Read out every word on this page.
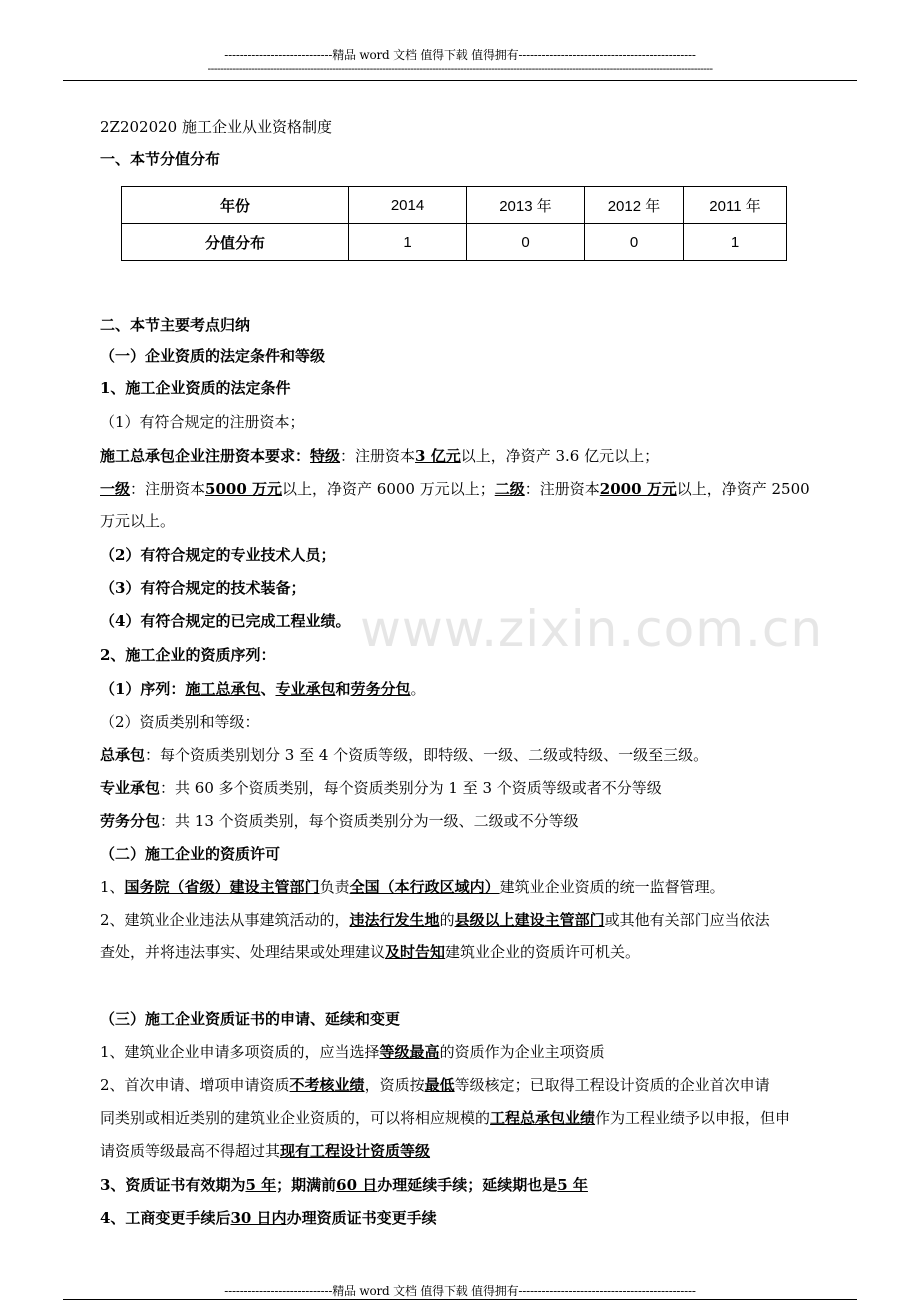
----------------------------精品 word 文档 值得下载 值得拥有----------------------------------------------
------------------------------------------------------------------------------------------------------------------------------------------------------------------
www.zixin.com.cn

2Z202020 施工企业从业资格制度

一、本节分值分布

年份	2014	2013 年	2012 年	2011 年
分值分布	1	0	0	1

二、本节主要考点归纳

（一）企业资质的法定条件和等级

1、施工企业资质的法定条件

（1）有符合规定的注册资本；

施工总承包企业注册资本要求：特级：注册资本3 亿元以上，净资产 3.6 亿元以上；

一级：注册资本5000 万元以上，净资产 6000 万元以上；二级：注册资本2000 万元以上，净资产 2500

万元以上。

（2）有符合规定的专业技术人员；

（3）有符合规定的技术装备；

（4）有符合规定的已完成工程业绩。

2、施工企业的资质序列：

（1）序列：施工总承包、专业承包和劳务分包。

（2）资质类别和等级：

总承包：每个资质类别划分 3 至 4 个资质等级，即特级、一级、二级或特级、一级至三级。

专业承包：共 60 多个资质类别，每个资质类别分为 1 至 3 个资质等级或者不分等级

劳务分包：共 13 个资质类别，每个资质类别分为一级、二级或不分等级

（二）施工企业的资质许可

1、国务院（省级）建设主管部门负责全国（本行政区域内）建筑业企业资质的统一监督管理。

2、建筑业企业违法从事建筑活动的，违法行发生地的县级以上建设主管部门或其他有关部门应当依法

查处，并将违法事实、处理结果或处理建议及时告知建筑业企业的资质许可机关。

（三）施工企业资质证书的申请、延续和变更

1、建筑业企业申请多项资质的，应当选择等级最高的资质作为企业主项资质

2、首次申请、增项申请资质不考核业绩，资质按最低等级核定；已取得工程设计资质的企业首次申请

同类别或相近类别的建筑业企业资质的，可以将相应规模的工程总承包业绩作为工程业绩予以申报，但申

请资质等级最高不得超过其现有工程设计资质等级

3、资质证书有效期为5 年；期满前60 日办理延续手续；延续期也是5 年

4、工商变更手续后30 日内办理资质证书变更手续

----------------------------精品 word 文档 值得下载 值得拥有----------------------------------------------
